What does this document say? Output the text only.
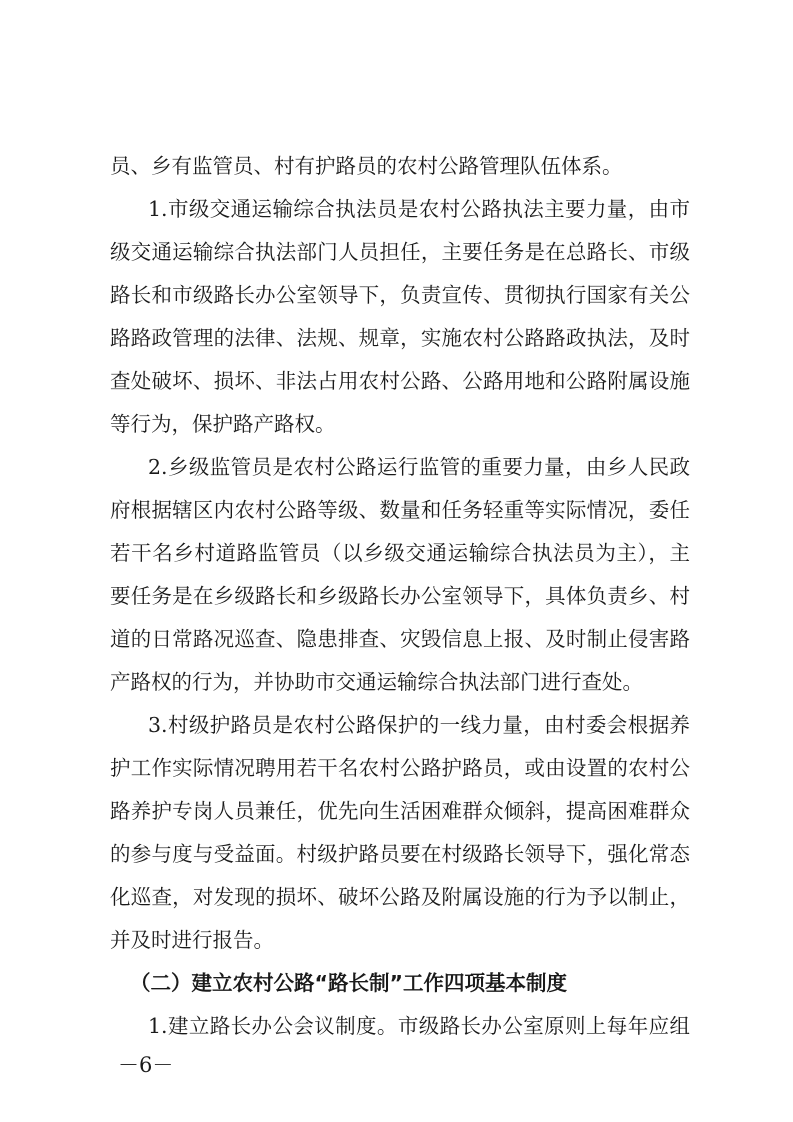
员、乡有监管员、村有护路员的农村公路管理队伍体系。
1.市级交通运输综合执法员是农村公路执法主要力量，由市
级交通运输综合执法部门人员担任，主要任务是在总路长、市级
路长和市级路长办公室领导下，负责宣传、贯彻执行国家有关公
路路政管理的法律、法规、规章，实施农村公路路政执法，及时
查处破坏、损坏、非法占用农村公路、公路用地和公路附属设施
等行为，保护路产路权。
2.乡级监管员是农村公路运行监管的重要力量，由乡人民政
府根据辖区内农村公路等级、数量和任务轻重等实际情况，委任
若干名乡村道路监管员（以乡级交通运输综合执法员为主），主
要任务是在乡级路长和乡级路长办公室领导下，具体负责乡、村
道的日常路况巡查、隐患排查、灾毁信息上报、及时制止侵害路
产路权的行为，并协助市交通运输综合执法部门进行查处。
3.村级护路员是农村公路保护的一线力量，由村委会根据养
护工作实际情况聘用若干名农村公路护路员，或由设置的农村公
路养护专岗人员兼任，优先向生活困难群众倾斜，提高困难群众
的参与度与受益面。村级护路员要在村级路长领导下，强化常态
化巡查，对发现的损坏、破坏公路及附属设施的行为予以制止，
并及时进行报告。
（二）建立农村公路“路长制”工作四项基本制度
1.建立路长办公会议制度。市级路长办公室原则上每年应组
－6－
